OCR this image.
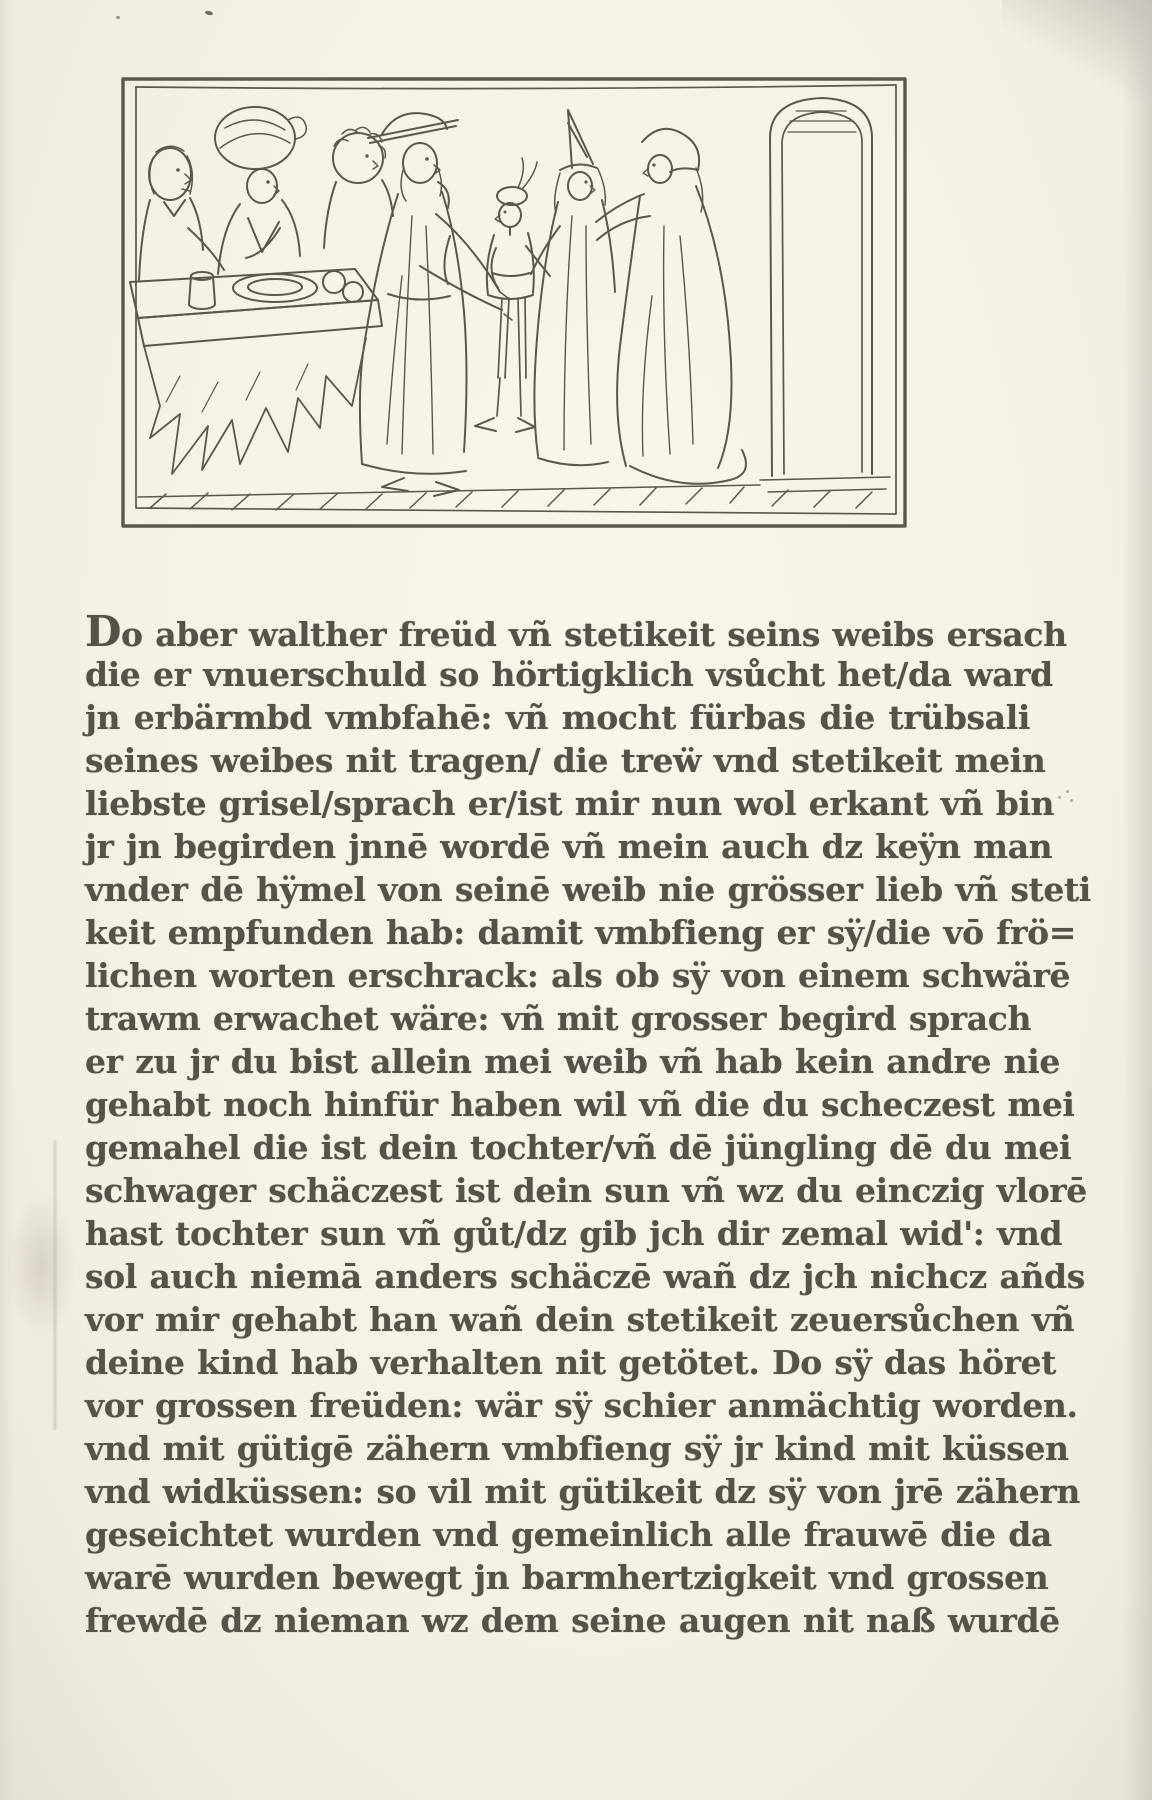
Do aber walther freüd vñ stetikeit seins weibs ersach
die er vnuerschuld so hörtigklich vsůcht het/da ward
jn erbärmbd vmbfahē: vñ mocht fürbas die trübsali
seines weibes nit tragen/ die treẅ vnd stetikeit mein
liebste grisel/sprach er/ist mir nun wol erkant vñ bin
jr jn begirden jnnē wordē vñ mein auch dz keÿn man
vnder dē hÿmel von seinē weib nie grösser lieb vñ steti
keit empfunden hab: damit vmbfieng er sÿ/die vō frö=
lichen worten erschrack: als ob sÿ von einem schwärē
trawm erwachet wäre: vñ mit grosser begird sprach
er zu jr du bist allein mei weib vñ hab kein andre nie
gehabt noch hinfür haben wil vñ die du scheczest mei
gemahel die ist dein tochter/vñ dē jüngling dē du mei
schwager schäczest ist dein sun vñ wz du einczig vlorē
hast tochter sun vñ gůt/dz gib jch dir zemal wid': vnd
sol auch niemā anders schäczē wañ dz jch nichcz añds
vor mir gehabt han wañ dein stetikeit zeuersůchen vñ
deine kind hab verhalten nit getötet. Do sÿ das höret
vor grossen freüden: wär sÿ schier anmächtig worden.
vnd mit gütigē zähern vmbfieng sÿ jr kind mit küssen
vnd widküssen: so vil mit gütikeit dz sÿ von jrē zähern
geseichtet wurden vnd gemeinlich alle frauwē die da
warē wurden bewegt jn barmhertzigkeit vnd grossen
frewdē dz nieman wz dem seine augen nit naß wurdē
